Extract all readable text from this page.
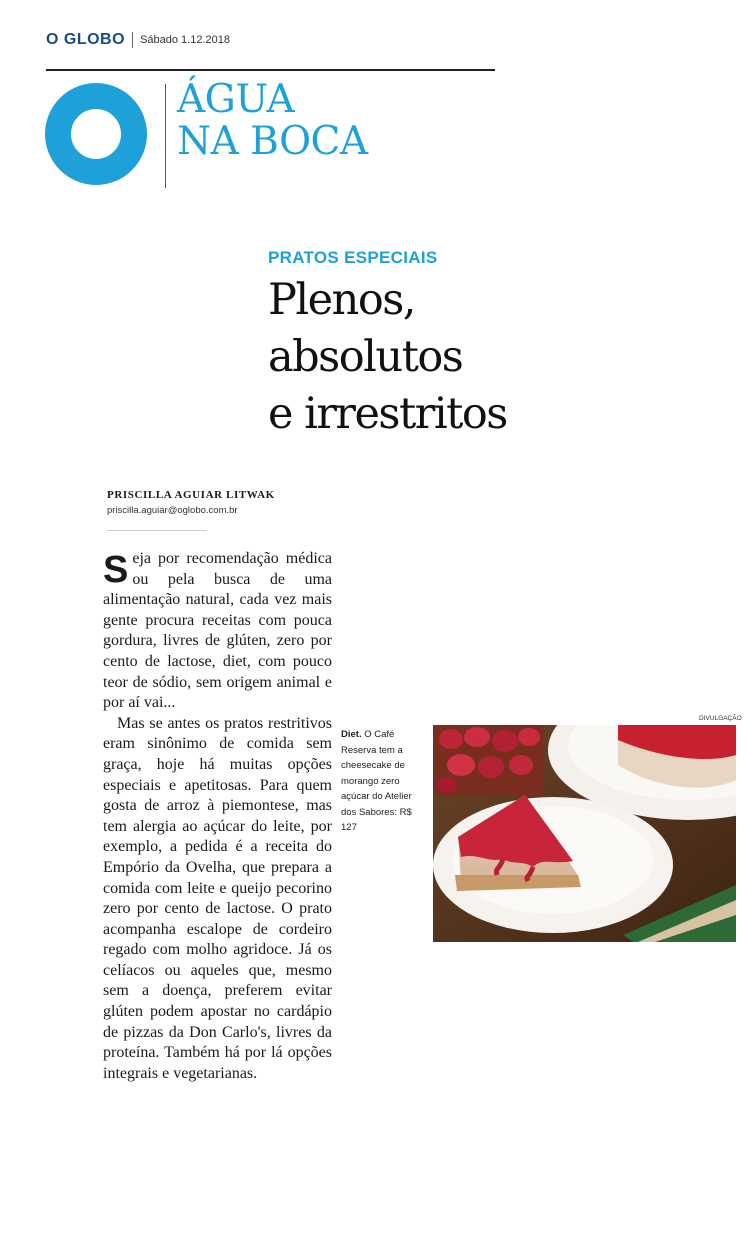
O GLOBO Sábado 1.12.2018
ÁGUA
NA BOCA
PRATOS ESPECIAIS
Plenos,
absolutos
e irrestritos
PRISCILLA AGUIAR LITWAK
priscilla.aguiar@oglobo.com.br

Seja por recomendação médica ou pela busca de uma alimentação natural, cada vez mais gente procura receitas com pouca gordura, livres de glúten, zero por cento de lactose, diet, com pouco teor de sódio, sem origem animal e por aí vai...

Mas se antes os pratos restritivos eram sinônimo de comida sem graça, hoje há muitas opções especiais e apetitosas. Para quem gosta de arroz à piemontese, mas tem alergia ao açúcar do leite, por exemplo, a pedida é a receita do Empório da Ovelha, que prepara a comida com leite e queijo pecorino zero por cento de lactose. O prato acompanha escalope de cordeiro regado com molho agridoce. Já os celíacos ou aqueles que, mesmo sem a doença, preferem evitar glúten podem apostar no cardápio de pizzas da Don Carlo's, livres da proteína. Também há por lá opções integrais e vegetarianas.

Diet. O Café Reserva tem a cheesecake de morango zero açúcar do Atelier dos Sabores: R$ 127
DIVULGAÇÃO
